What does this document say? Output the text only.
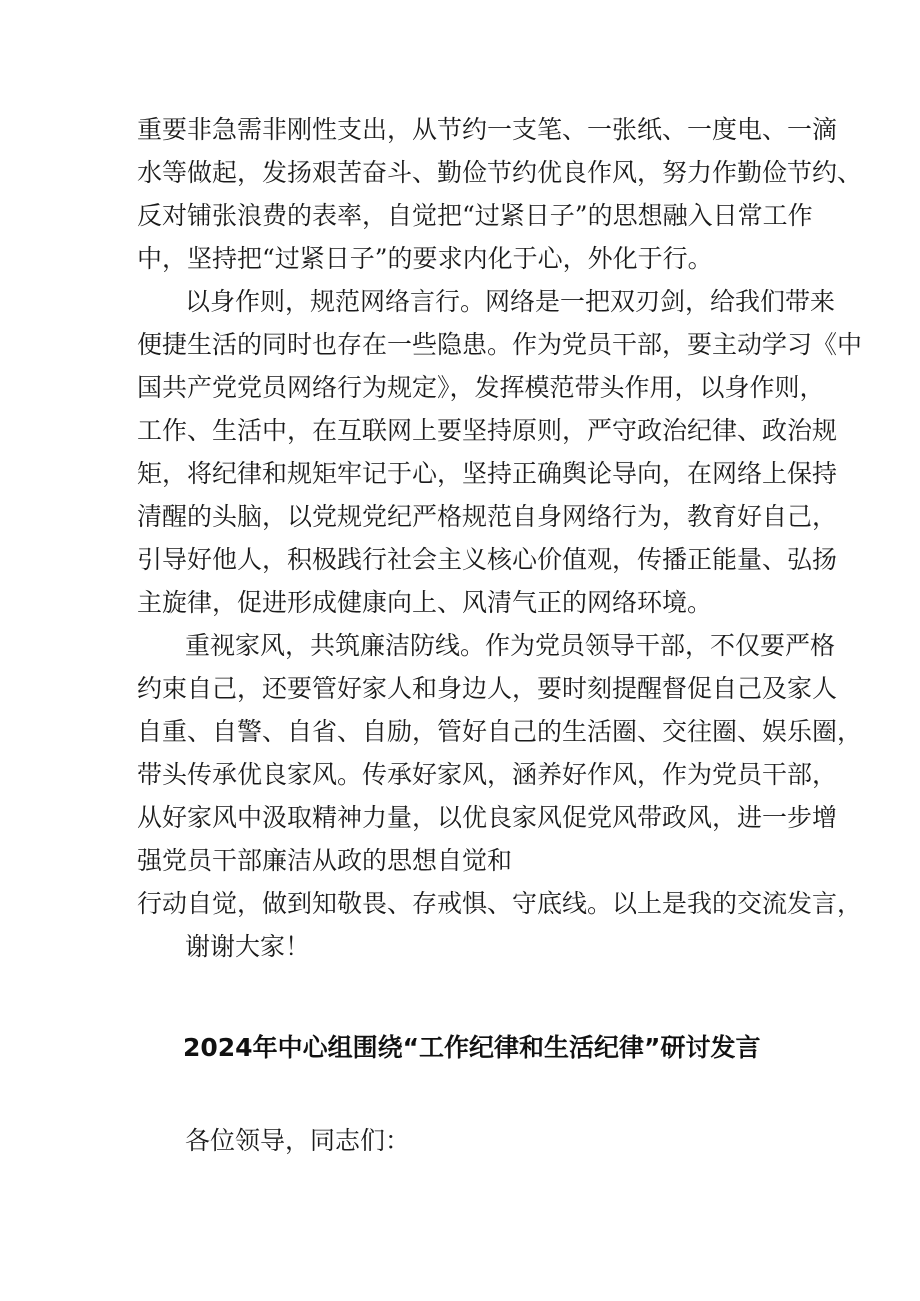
重要非急需非刚性支出，从节约一支笔、一张纸、一度电、一滴
水等做起，发扬艰苦奋斗、勤俭节约优良作风，努力作勤俭节约、
反对铺张浪费的表率，自觉把“过紧日子”的思想融入日常工作
中，坚持把“过紧日子”的要求内化于心，外化于行。
以身作则，规范网络言行。网络是一把双刃剑，给我们带来
便捷生活的同时也存在一些隐患。作为党员干部，要主动学习《中
国共产党党员网络行为规定》，发挥模范带头作用，以身作则，
工作、生活中，在互联网上要坚持原则，严守政治纪律、政治规
矩，将纪律和规矩牢记于心，坚持正确舆论导向，在网络上保持
清醒的头脑，以党规党纪严格规范自身网络行为，教育好自己，
引导好他人，积极践行社会主义核心价值观，传播正能量、弘扬
主旋律，促进形成健康向上、风清气正的网络环境。
重视家风，共筑廉洁防线。作为党员领导干部，不仅要严格
约束自己，还要管好家人和身边人，要时刻提醒督促自己及家人
自重、自警、自省、自励，管好自己的生活圈、交往圈、娱乐圈，
带头传承优良家风。传承好家风，涵养好作风，作为党员干部，
从好家风中汲取精神力量，以优良家风促党风带政风，进一步增
强党员干部廉洁从政的思想自觉和
行动自觉，做到知敬畏、存戒惧、守底线。以上是我的交流发言，
谢谢大家！
2024年中心组围绕“工作纪律和生活纪律”研讨发言
各位领导，同志们：
